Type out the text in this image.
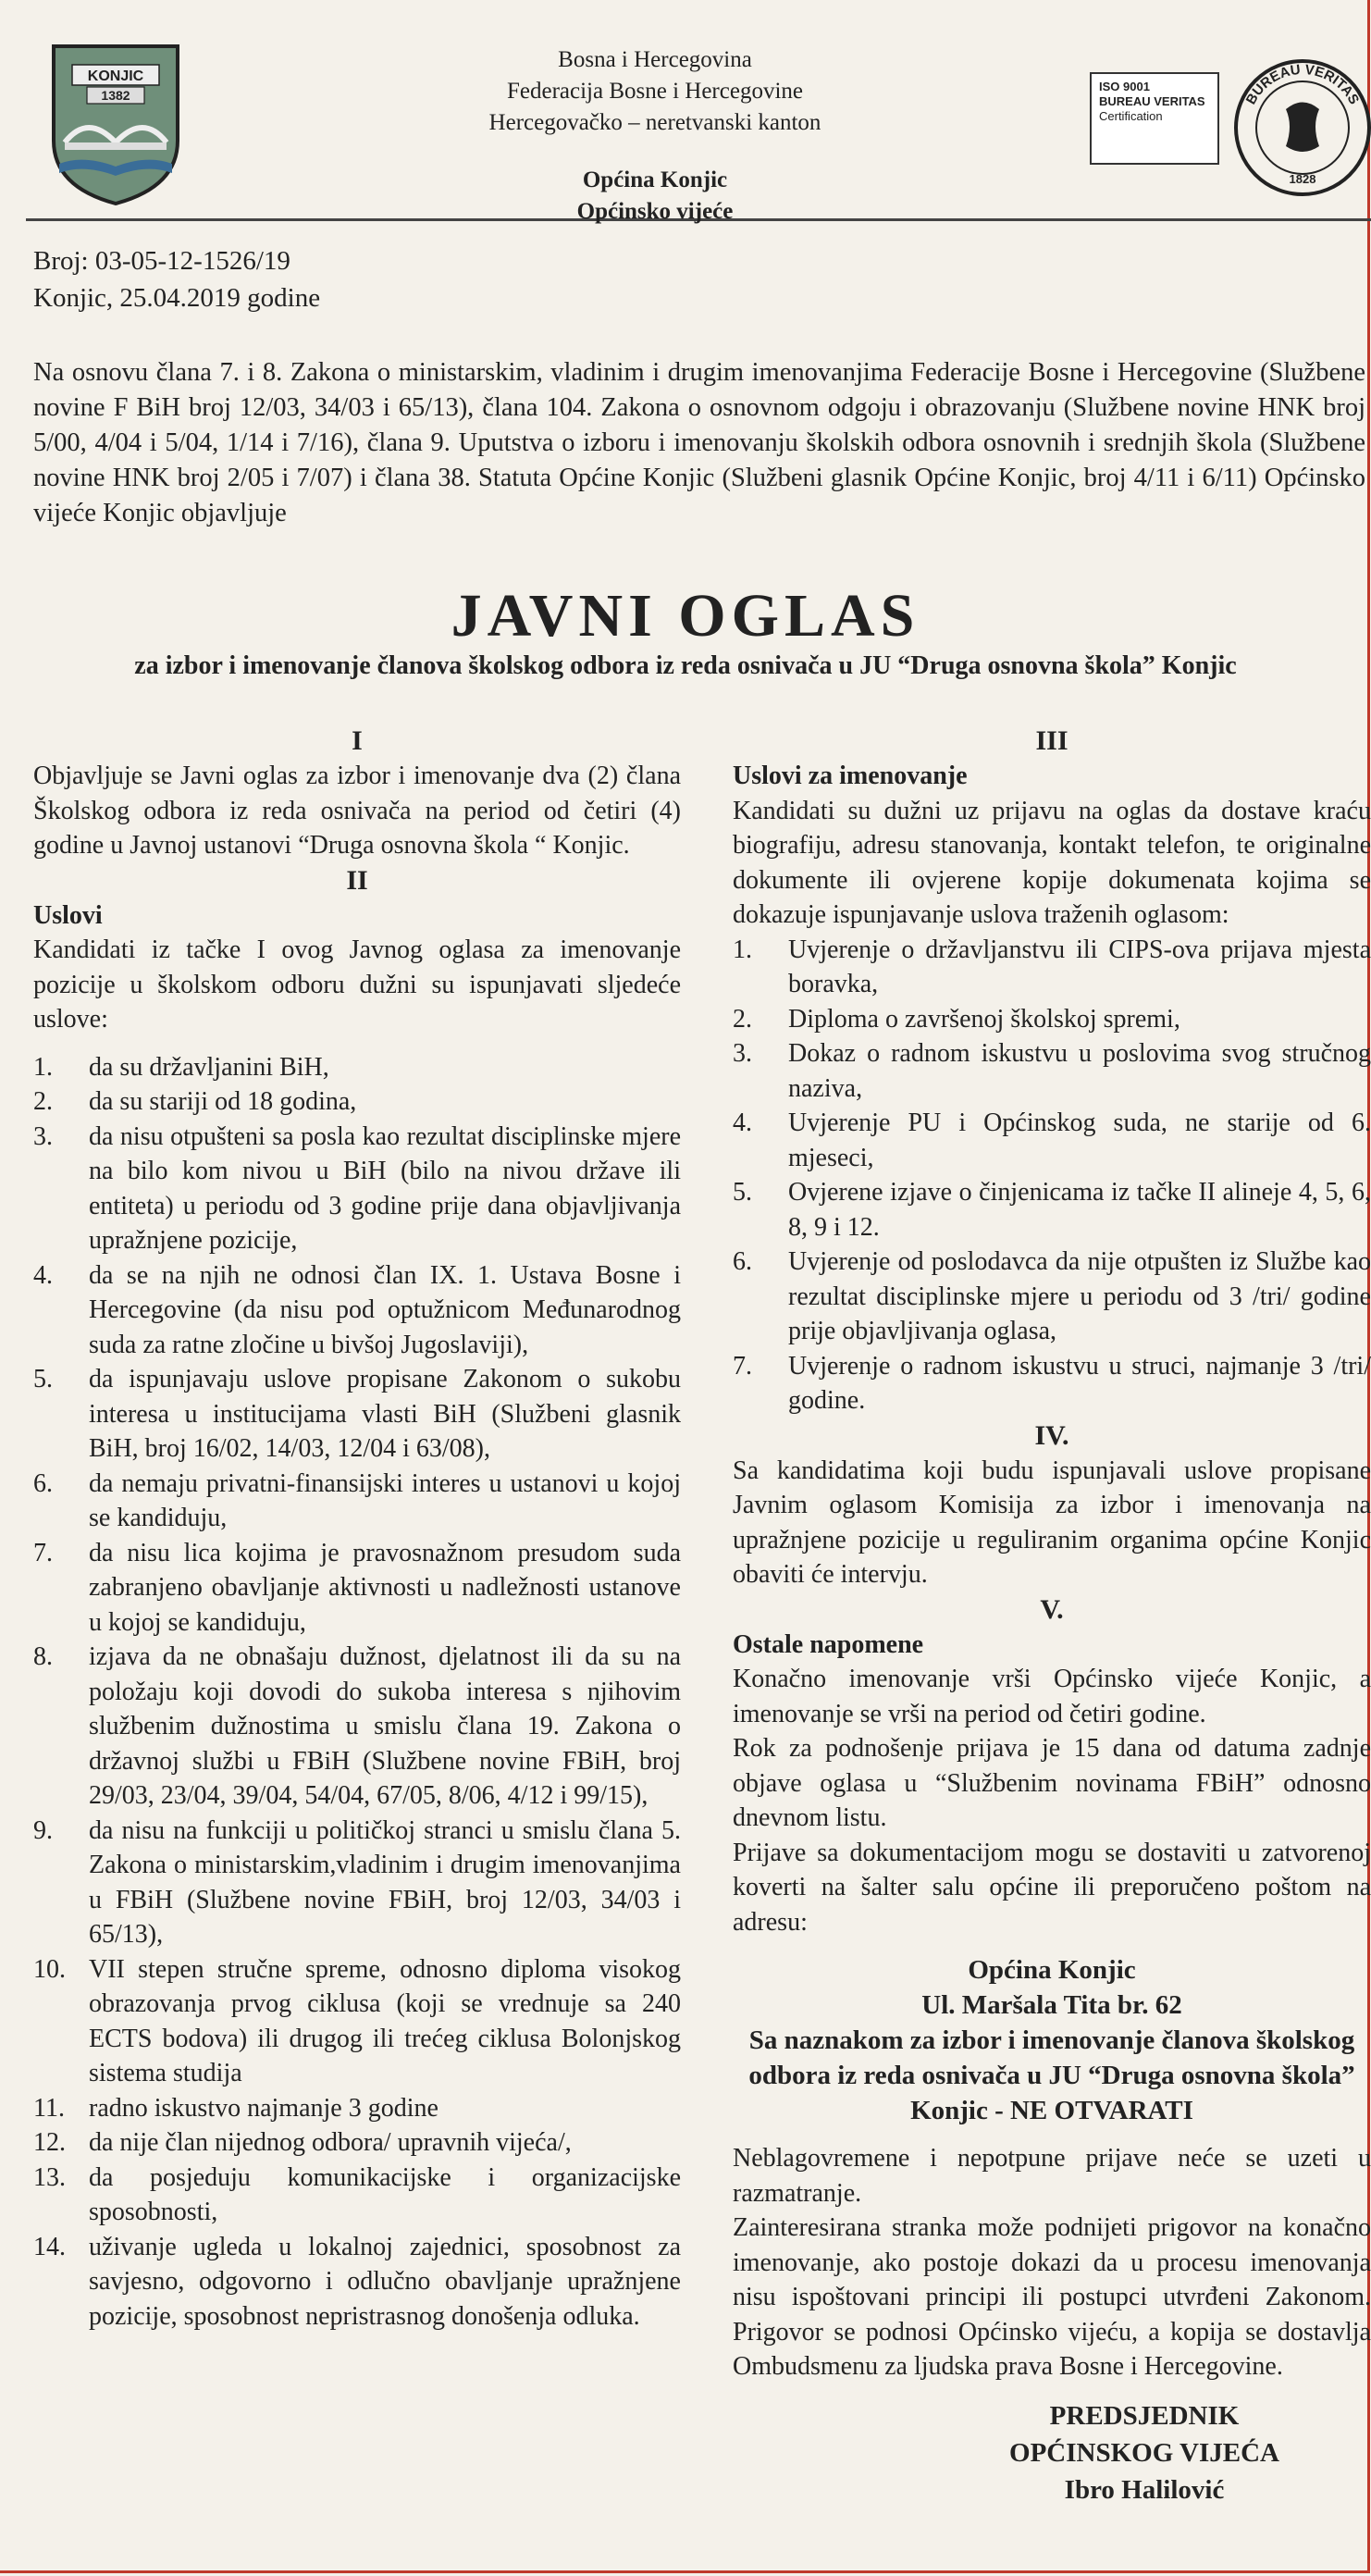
KONJIC
1382
Bosna i Hercegovina
Federacija Bosne i Hercegovine
Hercegovačko – neretvanski kanton
Općina Konjic
Općinsko vijeće
ISO 9001
BUREAU VERITAS
Certification
BUREAU VERITAS
1828
Broj: 03-05-12-1526/19
Konjic, 25.04.2019 godine
Na osnovu člana 7. i 8. Zakona o ministarskim, vladinim i drugim imenovanjima Federacije Bosne i Hercegovine (Službene novine F BiH broj 12/03, 34/03 i 65/13), člana 104. Zakona o osnovnom odgoju i obrazovanju (Službene novine HNK broj 5/00, 4/04 i 5/04, 1/14 i 7/16), člana 9. Uputstva o izboru i imenovanju školskih odbora osnovnih i srednjih škola (Službene novine HNK broj 2/05 i 7/07) i člana 38. Statuta Općine Konjic (Službeni glasnik Općine Konjic, broj 4/11 i 6/11) Općinsko vijeće Konjic objavljuje
JAVNI OGLAS
za izbor i imenovanje članova školskog odbora iz reda osnivača u JU “Druga osnovna škola” Konjic
I
Objavljuje se Javni oglas za izbor i imenovanje dva (2) člana Školskog odbora iz reda osnivača na period od četiri (4) godine u Javnoj ustanovi “Druga osnovna škola “ Konjic.
II
Uslovi
Kandidati iz tačke I ovog Javnog oglasa za imenovanje pozicije u školskom odboru dužni su ispunjavati sljedeće uslove:
1.	da su državljanini BiH,
2.	da su stariji od 18 godina,
3.	da nisu otpušteni sa posla kao rezultat disciplinske mjere na bilo kom nivou u BiH (bilo na nivou države ili entiteta) u periodu od 3 godine prije dana objavljivanja upražnjene pozicije,
4.	da se na njih ne odnosi član IX. 1. Ustava Bosne i Hercegovine (da nisu pod optužnicom Međunarodnog suda za ratne zločine u bivšoj Jugoslaviji),
5.	da ispunjavaju uslove propisane Zakonom o sukobu interesa u institucijama vlasti BiH (Službeni glasnik BiH, broj 16/02, 14/03, 12/04 i 63/08),
6.	da nemaju privatni-finansijski interes u ustanovi u kojoj se kandiduju,
7.	da nisu lica kojima je pravosnažnom presudom suda zabranjeno obavljanje aktivnosti u nadležnosti ustanove u kojoj se kandiduju,
8.	izjava da ne obnašaju dužnost, djelatnost ili da su na položaju koji dovodi do sukoba interesa s njihovim službenim dužnostima u smislu člana 19. Zakona o državnoj službi u FBiH (Službene novine FBiH, broj 29/03, 23/04, 39/04, 54/04, 67/05, 8/06, 4/12 i 99/15),
9.	da nisu na funkciji u političkoj stranci u smislu člana 5. Zakona o ministarskim,vladinim i drugim imenovanjima u FBiH (Službene novine FBiH, broj 12/03, 34/03 i 65/13),
10. VII stepen stručne spreme, odnosno diploma visokog obrazovanja prvog ciklusa (koji se vrednuje sa 240 ECTS bodova) ili drugog ili trećeg ciklusa Bolonjskog sistema studija
11. radno iskustvo najmanje 3 godine
12. da nije član nijednog odbora/ upravnih vijeća/,
13. da posjeduju komunikacijske i organizacijske sposobnosti,
14. uživanje ugleda u lokalnoj zajednici, sposobnost za savjesno, odgovorno i odlučno obavljanje upražnjene pozicije, sposobnost nepristrasnog donošenja odluka.
III
Uslovi za imenovanje
Kandidati su dužni uz prijavu na oglas da dostave kraću biografiju, adresu stanovanja, kontakt telefon, te originalne dokumente ili ovjerene kopije dokumenata kojima se dokazuje ispunjavanje uslova traženih oglasom:
1.	Uvjerenje o državljanstvu ili CIPS-ova prijava mjesta boravka,
2.	Diploma o završenoj školskoj spremi,
3.	Dokaz o radnom iskustvu u poslovima svog stručnog naziva,
4.	Uvjerenje PU i Općinskog suda, ne starije od 6. mjeseci,
5.	Ovjerene izjave o činjenicama iz tačke II alineje 4, 5, 6, 8, 9 i 12.
6.	Uvjerenje od poslodavca da nije otpušten iz Službe kao rezultat disciplinske mjere u periodu od 3 /tri/ godine prije objavljivanja oglasa,
7.	Uvjerenje o radnom iskustvu u struci, najmanje 3 /tri/ godine.
IV.
Sa kandidatima koji budu ispunjavali uslove propisane Javnim oglasom Komisija za izbor i imenovanja na upražnjene pozicije u reguliranim organima općine Konjic obaviti će intervju.
V.
Ostale napomene
Konačno imenovanje vrši Općinsko vijeće Konjic, a imenovanje se vrši na period od četiri godine.
Rok za podnošenje prijava je 15 dana od datuma zadnje objave oglasa u “Službenim novinama FBiH” odnosno dnevnom listu.
Prijave sa dokumentacijom mogu se dostaviti u zatvorenoj koverti na šalter salu općine ili preporučeno poštom na adresu:
Općina Konjic
Ul. Maršala Tita br. 62
Sa naznakom za izbor i imenovanje članova školskog odbora iz reda osnivača u JU “Druga osnovna škola” Konjic - NE OTVARATI
Neblagovremene i nepotpune prijave neće se uzeti u razmatranje.
Zainteresirana stranka može podnijeti prigovor na konačno imenovanje, ako postoje dokazi da u procesu imenovanja nisu ispoštovani principi ili postupci utvrđeni Zakonom. Prigovor se podnosi Općinsko vijeću, a kopija se dostavlja Ombudsmenu za ljudska prava Bosne i Hercegovine.
PREDSJEDNIK
OPĆINSKOG VIJEĆA
Ibro Halilović
